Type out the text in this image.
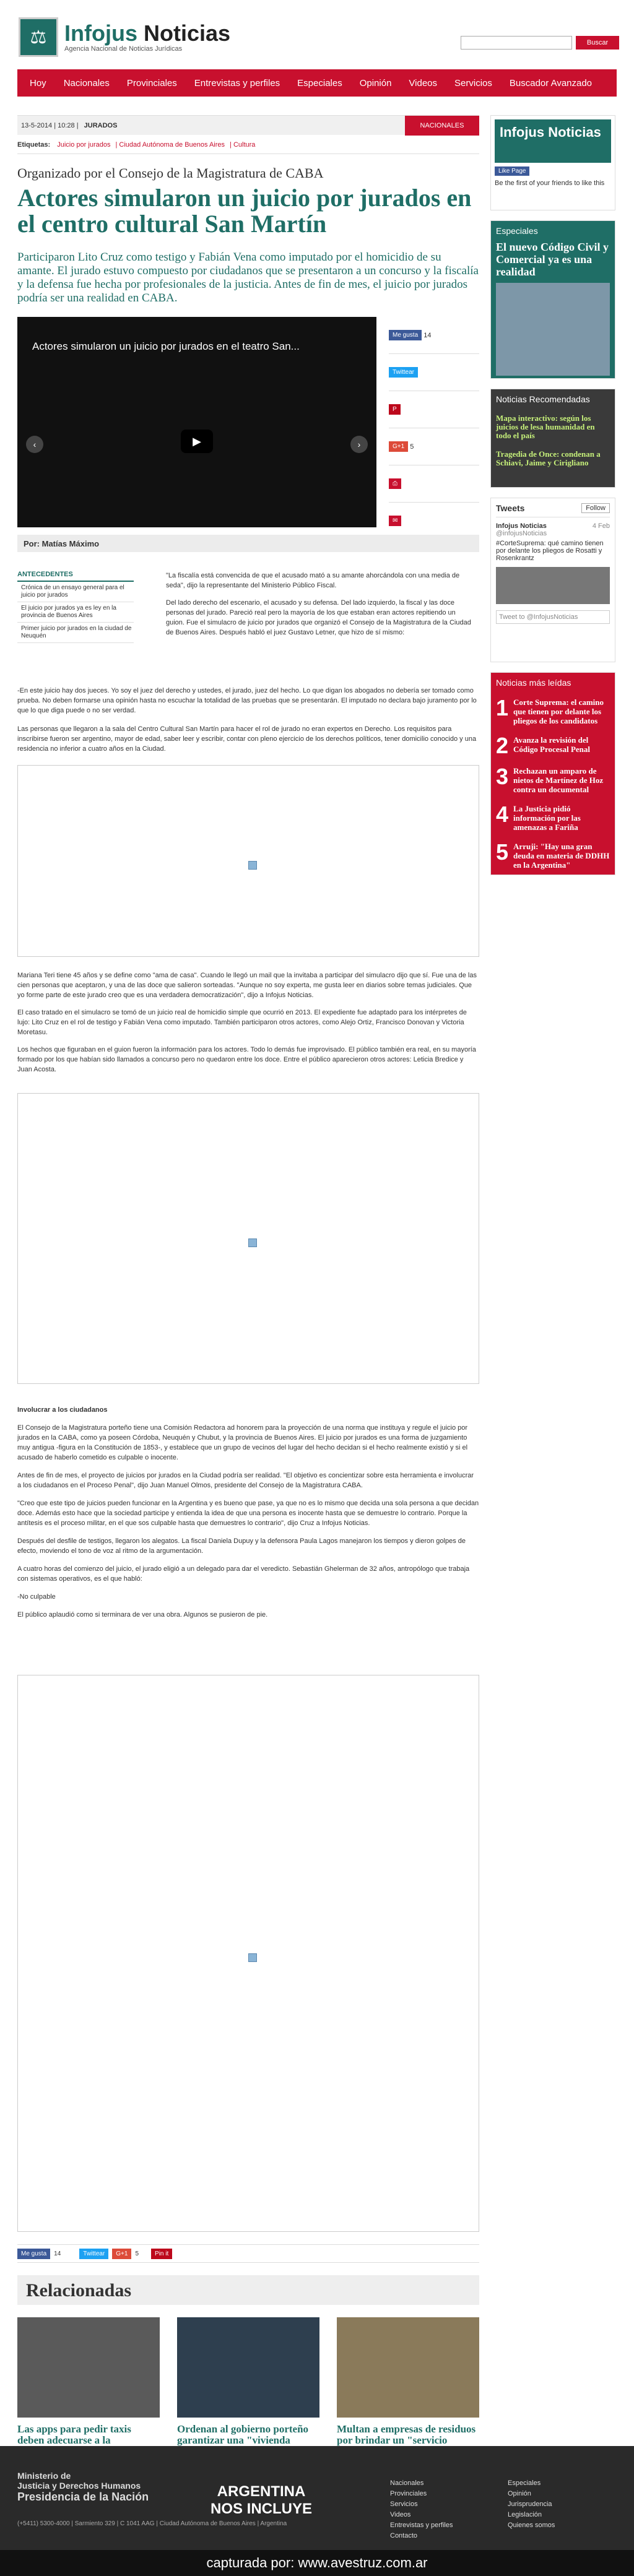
⚖ Infojus Noticias
Agencia Nacional de Noticias Jurídicas
Buscar
Hoy	Nacionales	Provinciales	Entrevistas y perfiles	Especiales	Opinión	Videos	Servicios	Buscador Avanzado
13-5-2014 | 10:28 | JURADOS	NACIONALES
Etiquetas: Juicio por jurados | Ciudad Autónoma de Buenos Aires | Cultura
Organizado por el Consejo de la Magistratura de CABA
Actores simularon un juicio por jurados en el centro cultural San Martín
Participaron Lito Cruz como testigo y Fabián Vena como imputado por el homicidio de su amante. El jurado estuvo compuesto por ciudadanos que se presentaron a un concurso y la fiscalía y la defensa fue hecha por profesionales de la justicia. Antes de fin de mes, el juicio por jurados podría ser una realidad en CABA.
Actores simularon un juicio por jurados en el teatro San...
‹	▶	›
Me gusta
14
Twittear
P
G+1
5
⎙
✉
Por: Matías Máximo
ANTECEDENTES
Crónica de un ensayo general para el juicio por jurados
El juicio por jurados ya es ley en la provincia de Buenos Aires
Primer juicio por jurados en la ciudad de Neuquén

"La fiscalía está convencida de que el acusado mató a su amante ahorcándola con una media de seda", dijo la representante del Ministerio Público Fiscal.

Del lado derecho del escenario, el acusado y su defensa. Del lado izquierdo, la fiscal y las doce personas del jurado. Pareció real pero la mayoría de los que estaban eran actores repitiendo un guion. Fue el simulacro de juicio por jurados que organizó el Consejo de la Magistratura de la Ciudad de Buenos Aires. Después habló el juez Gustavo Letner, que hizo de sí mismo:

-En este juicio hay dos jueces. Yo soy el juez del derecho y ustedes, el jurado, juez del hecho. Lo que digan los abogados no debería ser tomado como prueba. No deben formarse una opinión hasta no escuchar la totalidad de las pruebas que se presentarán. El imputado no declara bajo juramento por lo que lo que diga puede o no ser verdad.

Las personas que llegaron a la sala del Centro Cultural San Martín para hacer el rol de jurado no eran expertos en Derecho. Los requisitos para inscribirse fueron ser argentino, mayor de edad, saber leer y escribir, contar con pleno ejercicio de los derechos políticos, tener domicilio conocido y una residencia no inferior a cuatro años en la Ciudad.

Mariana Teri tiene 45 años y se define como "ama de casa". Cuando le llegó un mail que la invitaba a participar del simulacro dijo que sí. Fue una de las cien personas que aceptaron, y una de las doce que salieron sorteadas. "Aunque no soy experta, me gusta leer en diarios sobre temas judiciales. Que yo forme parte de este jurado creo que es una verdadera democratización", dijo a Infojus Noticias.

El caso tratado en el simulacro se tomó de un juicio real de homicidio simple que ocurrió en 2013. El expediente fue adaptado para los intérpretes de lujo: Lito Cruz en el rol de testigo y Fabián Vena como imputado. También participaron otros actores, como Alejo Ortiz, Francisco Donovan y Victoria Moretasu.

Los hechos que figuraban en el guion fueron la información para los actores. Todo lo demás fue improvisado. El público también era real, en su mayoría formado por los que habían sido llamados a concurso pero no quedaron entre los doce. Entre el público aparecieron otros actores: Leticia Bredice y Juan Acosta.

Involucrar a los ciudadanos

El Consejo de la Magistratura porteño tiene una Comisión Redactora ad honorem para la proyección de una norma que instituya y regule el juicio por jurados en la CABA, como ya poseen Córdoba, Neuquén y Chubut, y la provincia de Buenos Aires. El juicio por jurados es una forma de juzgamiento muy antigua -figura en la Constitución de 1853-, y establece que un grupo de vecinos del lugar del hecho decidan si el hecho realmente existió y si el acusado de haberlo cometido es culpable o inocente.

Antes de fin de mes, el proyecto de juicios por jurados en la Ciudad podría ser realidad. "El objetivo es concientizar sobre esta herramienta e involucrar a los ciudadanos en el Proceso Penal", dijo Juan Manuel Olmos, presidente del Consejo de la Magistratura CABA.

"Creo que este tipo de juicios pueden funcionar en la Argentina y es bueno que pase, ya que no es lo mismo que decida una sola persona a que decidan doce. Además esto hace que la sociedad participe y entienda la idea de que una persona es inocente hasta que se demuestre lo contrario. Porque la antítesis es el proceso militar, en el que sos culpable hasta que demuestres lo contrario", dijo Cruz a Infojus Noticias.

Después del desfile de testigos, llegaron los alegatos. La fiscal Daniela Dupuy y la defensora Paula Lagos manejaron los tiempos y dieron golpes de efecto, moviendo el tono de voz al ritmo de la argumentación.

A cuatro horas del comienzo del juicio, el jurado eligió a un delegado para dar el veredicto. Sebastián Ghelerman de 32 años, antropólogo que trabaja con sistemas operativos, es el que habló:

-No culpable

El público aplaudió como si terminara de ver una obra. Algunos se pusieron de pie.

Me gusta	14	Twittear	G+1	5	Pin it
Relacionadas
Las apps para pedir taxis deben adecuarse a la
Ordenan al gobierno porteño garantizar una "vivienda
Multan a empresas de residuos por brindar un "servicio
Infojus Noticias
Like Page
Be the first of your friends to like this
Especiales
El nuevo Código Civil y Comercial ya es una realidad
Noticias Recomendadas
Mapa interactivo: según los juicios de lesa humanidad en todo el país
Tragedia de Once: condenan a Schiavi, Jaime y Cirigliano
Tweets	Follow
Infojus Noticias	4 Feb
@infojusNoticias
#CorteSuprema: qué camino tienen por delante los pliegos de Rosatti y Rosenkrantz
Tweet to @InfojusNoticias
Noticias más leídas
1 Corte Suprema: el camino que tienen por delante los pliegos de los candidatos
2 Avanza la revisión del Código Procesal Penal
3 Rechazan un amparo de nietos de Martínez de Hoz contra un documental
4 La Justicia pidió información por las amenazas a Fariña
5 Arruji: "Hay una gran deuda en materia de DDHH en la Argentina"
Ministerio de
Justicia y Derechos Humanos
Presidencia de la Nación	ARGENTINA
NOS INCLUYE
Nacionales
Provinciales
Servicios
Videos
Entrevistas y perfiles
Contacto
Especiales
Opinión
Jurisprudencia
Legislación
Quienes somos
(+5411) 5300-4000 | Sarmiento 329 | C 1041 AAG | Ciudad Autónoma de Buenos Aires | Argentina
capturada por: www.avestruz.com.ar
